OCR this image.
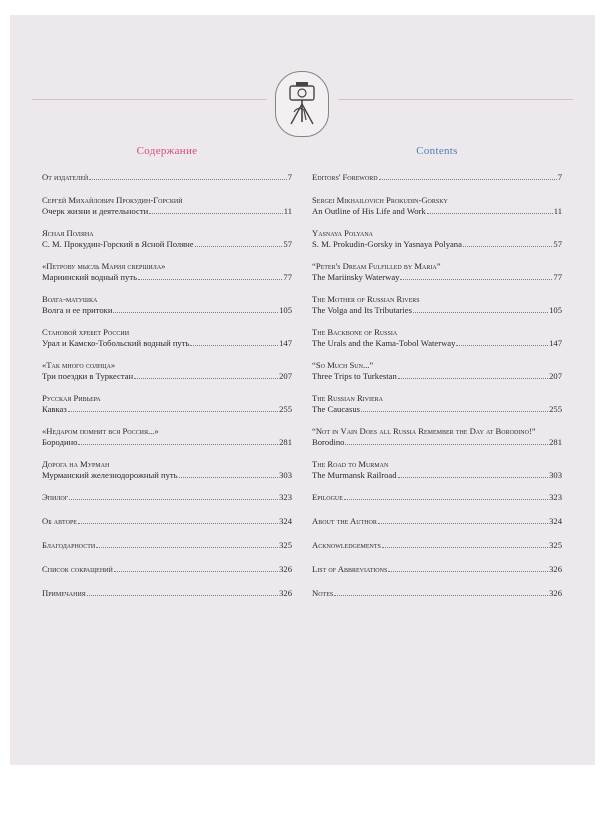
Содержание
От издателей	7
Сергей Михайлович Прокудин-Горский
Очерк жизни и деятельности	11
Ясная Поляна
С. М. Прокудин-Горский в Ясной Поляне	57
«Петрову мысль Мария свершила»
Мариинский водный путь	77
Волга-матушка
Волга и ее притоки	105
Становой хребет России
Урал и Камско-Тобольский водный путь	147
«Так много солнца»
Три поездки в Туркестан	207
Русская Ривьера
Кавказ	255
«Недаром помнит вся Россия...»
Бородино	281
Дорога на Мурман
Мурманский железнодорожный путь	303
Эпилог	323
Об авторе	324
Благодарности	325
Список сокращений	326
Примечания	326
Contents
Editors' Foreword	7
Sergei Mikhailovich Prokudin-Gorsky
An Outline of His Life and Work	11
Yasnaya Polyana
S. M. Prokudin-Gorsky in Yasnaya Polyana	57
“Peter's Dream Fulfilled by Maria”
The Mariinsky Waterway	77
The Mother of Russian Rivers
The Volga and Its Tributaries	105
The Backbone of Russia
The Urals and the Kama-Tobol Waterway	147
“So Much Sun...”
Three Trips to Turkestan	207
The Russian Riviera
The Caucasus	255
“Not in Vain Does all Russia Remember the Day at Borodino!”
Borodino	281
The Road to Murman
The Murmansk Railroad	303
Epilogue	323
About the Author	324
Acknowledgements	325
List of Abbreviations	326
Notes	326
